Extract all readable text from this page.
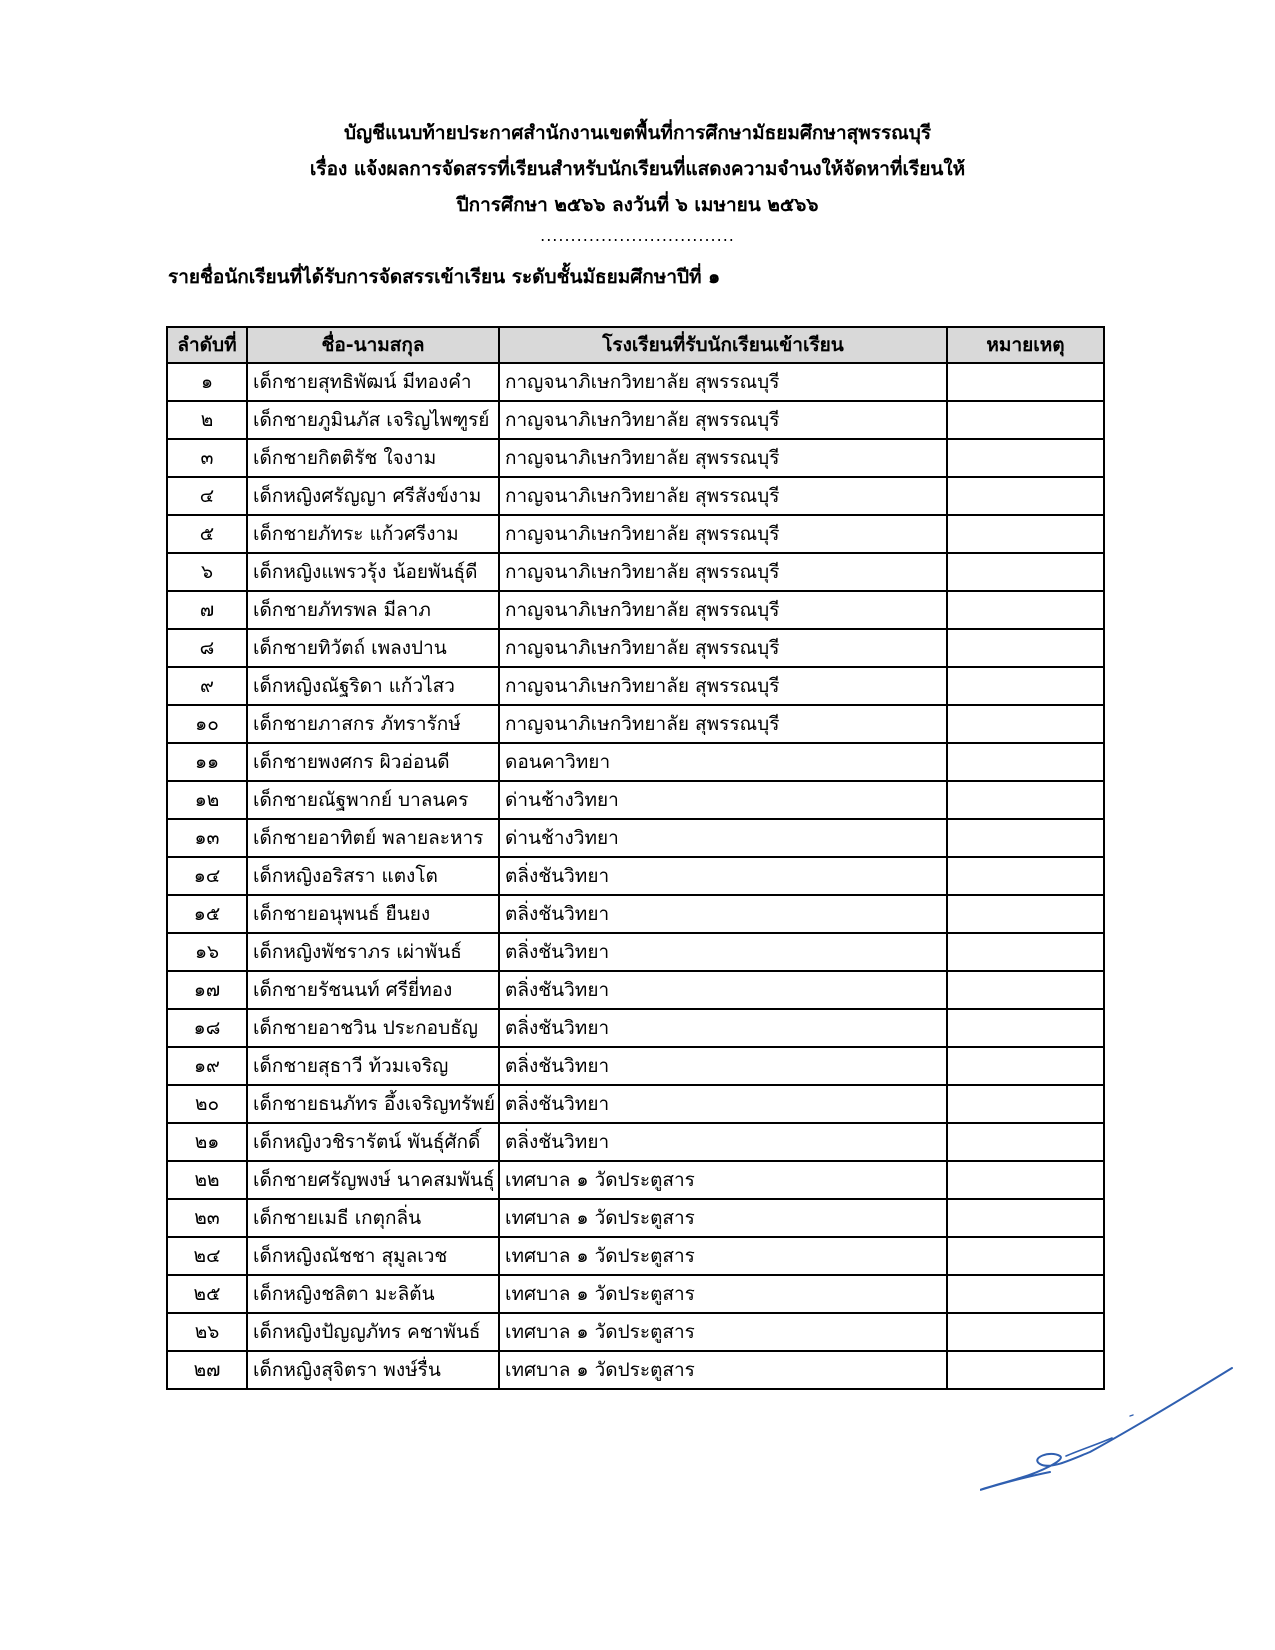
บัญชีแนบท้ายประกาศสำนักงานเขตพื้นที่การศึกษามัธยมศึกษาสุพรรณบุรี
เรื่อง แจ้งผลการจัดสรรที่เรียนสำหรับนักเรียนที่แสดงความจำนงให้จัดหาที่เรียนให้
ปีการศึกษา ๒๕๖๖ ลงวันที่ ๖ เมษายน ๒๕๖๖
................................
รายชื่อนักเรียนที่ได้รับการจัดสรรเข้าเรียน ระดับชั้นมัธยมศึกษาปีที่ ๑
ลำดับที่	ชื่อ-นามสกุล	โรงเรียนที่รับนักเรียนเข้าเรียน	หมายเหตุ
๑	เด็กชายสุทธิพัฒน์ มีทองคำ	กาญจนาภิเษกวิทยาลัย สุพรรณบุรี	
๒	เด็กชายภูมินภัส เจริญไพฑูรย์	กาญจนาภิเษกวิทยาลัย สุพรรณบุรี	
๓	เด็กชายกิตติรัช ใจงาม	กาญจนาภิเษกวิทยาลัย สุพรรณบุรี	
๔	เด็กหญิงศรัญญา ศรีสังข์งาม	กาญจนาภิเษกวิทยาลัย สุพรรณบุรี	
๕	เด็กชายภัทระ แก้วศรีงาม	กาญจนาภิเษกวิทยาลัย สุพรรณบุรี	
๖	เด็กหญิงแพรวรุ้ง น้อยพันธุ์ดี	กาญจนาภิเษกวิทยาลัย สุพรรณบุรี	
๗	เด็กชายภัทรพล มีลาภ	กาญจนาภิเษกวิทยาลัย สุพรรณบุรี	
๘	เด็กชายทิวัตถ์ เพลงปาน	กาญจนาภิเษกวิทยาลัย สุพรรณบุรี	
๙	เด็กหญิงณัฐริดา แก้วไสว	กาญจนาภิเษกวิทยาลัย สุพรรณบุรี	
๑๐	เด็กชายภาสกร ภัทรารักษ์	กาญจนาภิเษกวิทยาลัย สุพรรณบุรี	
๑๑	เด็กชายพงศกร ผิวอ่อนดี	ดอนคาวิทยา	
๑๒	เด็กชายณัฐพากย์ บาลนคร	ด่านช้างวิทยา	
๑๓	เด็กชายอาทิตย์ พลายละหาร	ด่านช้างวิทยา	
๑๔	เด็กหญิงอริสรา แตงโต	ตลิ่งชันวิทยา	
๑๕	เด็กชายอนุพนธ์ ยืนยง	ตลิ่งชันวิทยา	
๑๖	เด็กหญิงพัชราภร เผ่าพันธ์	ตลิ่งชันวิทยา	
๑๗	เด็กชายรัชนนท์ ศรียี่ทอง	ตลิ่งชันวิทยา	
๑๘	เด็กชายอาชวิน ประกอบธัญ	ตลิ่งชันวิทยา	
๑๙	เด็กชายสุธาวี ท้วมเจริญ	ตลิ่งชันวิทยา	
๒๐	เด็กชายธนภัทร อึ้งเจริญทรัพย์	ตลิ่งชันวิทยา	
๒๑	เด็กหญิงวชิรารัตน์ พันธุ์ศักดิ์	ตลิ่งชันวิทยา	
๒๒	เด็กชายศรัญพงษ์ นาคสมพันธุ์	เทศบาล ๑ วัดประตูสาร	
๒๓	เด็กชายเมธี เกตุกลิ่น	เทศบาล ๑ วัดประตูสาร	
๒๔	เด็กหญิงณัชชา สุมูลเวช	เทศบาล ๑ วัดประตูสาร	
๒๕	เด็กหญิงชลิตา มะลิต้น	เทศบาล ๑ วัดประตูสาร	
๒๖	เด็กหญิงปัญญภัทร คชาพันธ์	เทศบาล ๑ วัดประตูสาร	
๒๗	เด็กหญิงสุจิตรา พงษ์รื่น	เทศบาล ๑ วัดประตูสาร	
